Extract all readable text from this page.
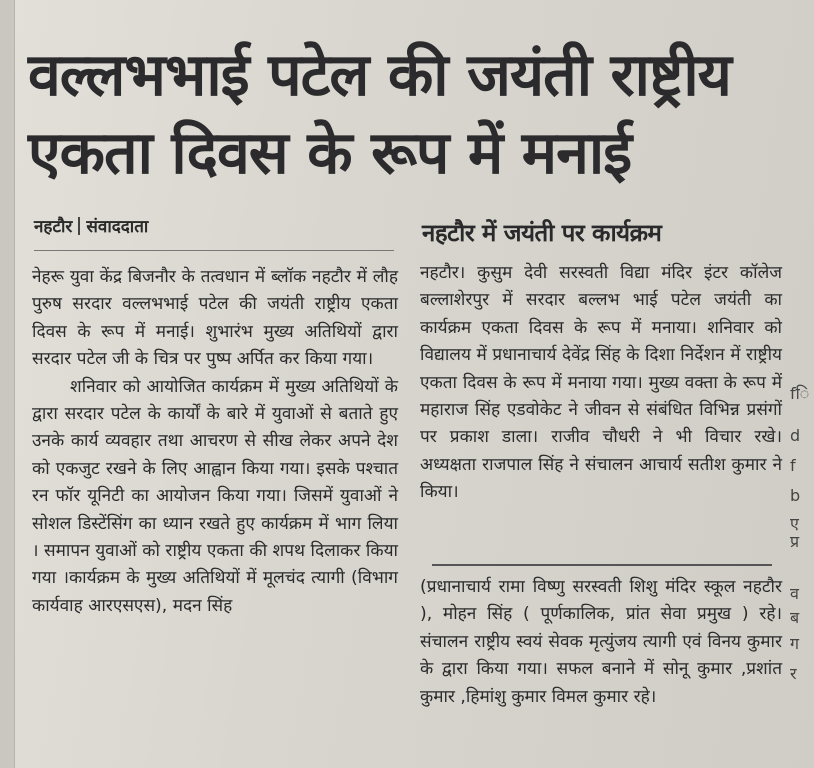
वल्लभभाई पटेल की जयंती राष्ट्रीय एकता दिवस के रूप में मनाई
नहटौर संवाददाता	नहटौर में जयंती पर कार्यक्रम

नेहरू युवा केंद्र बिजनौर के तत्वधान में ब्लॉक नहटौर में लौह पुरुष सरदार वल्लभभाई पटेल की जयंती राष्ट्रीय एकता दिवस के रूप में मनाई। शुभारंभ मुख्य अतिथियों द्वारा सरदार पटेल जी के चित्र पर पुष्प अर्पित कर किया गया।

शनिवार को आयोजित कार्यक्रम में मुख्य अतिथियों के द्वारा सरदार पटेल के कार्यों के बारे में युवाओं से बताते हुए उनके कार्य व्यवहार तथा आचरण से सीख लेकर अपने देश को एकजुट रखने के लिए आह्वान किया गया। इसके पश्चात रन फॉर यूनिटी का आयोजन किया गया। जिसमें युवाओं ने सोशल डिस्टेंसिंग का ध्यान रखते हुए कार्यक्रम में भाग लिया । समापन युवाओं को राष्ट्रीय एकता की शपथ दिलाकर किया गया ।कार्यक्रम के मुख्य अतिथियों में मूलचंद त्यागी (विभाग कार्यवाह आरएसएस), मदन सिंह

नहटौर। कुसुम देवी सरस्वती विद्या मंदिर इंटर कॉलेज बल्लाशेरपुर में सरदार बल्लभ भाई पटेल जयंती का कार्यक्रम एकता दिवस के रूप में मनाया। शनिवार को विद्यालय में प्रधानाचार्य देवेंद्र सिंह के दिशा निर्देशन में राष्ट्रीय एकता दिवस के रूप में मनाया गया। मुख्य वक्ता के रूप में महाराज सिंह एडवोकेट ने जीवन से संबंधित विभिन्न प्रसंगों पर प्रकाश डाला। राजीव चौधरी ने भी विचार रखे। अध्यक्षता राजपाल सिंह ने संचालन आचार्य सतीश कुमार ने किया।

(प्रधानाचार्य रामा विष्णु सरस्वती शिशु मंदिर स्कूल नहटौर ), मोहन सिंह ( पूर्णकालिक, प्रांत सेवा प्रमुख ) रहे। संचालन राष्ट्रीय स्वयं सेवक मृत्युंजय त्यागी एवं विनय कुमार के द्वारा किया गया। सफल बनाने में सोनू कुमार ,प्रशांत कुमार ,हिमांशु कुमार विमल कुमार रहे।

fि
d
f
b
ए
प्र
व
ब
ग
र
